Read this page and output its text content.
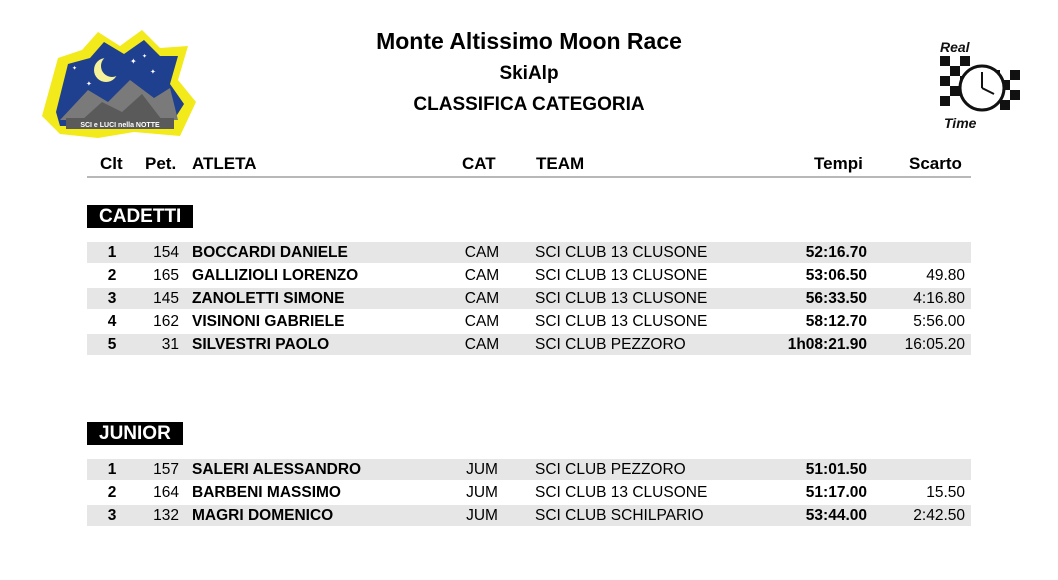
✦
✦
✦
✦
✦
SCI e LUCI nella NOTTE
Real
Time
Monte Altissimo Moon Race
SkiAlp
CLASSIFICA CATEGORIA
Clt Pet. ATLETA	CAT TEAM	Tempi	Scarto
CADETTI
1	154 BOCCARDI DANIELE	CAM	SCI CLUB 13 CLUSONE	52:16.70
2	165 GALLIZIOLI LORENZO	CAM	SCI CLUB 13 CLUSONE	53:06.50	49.80
3	145 ZANOLETTI SIMONE	CAM	SCI CLUB 13 CLUSONE	56:33.50	4:16.80
4	162 VISINONI GABRIELE	CAM	SCI CLUB 13 CLUSONE	58:12.70	5:56.00
5	31 SILVESTRI PAOLO	CAM	SCI CLUB PEZZORO	1h08:21.90	16:05.20
JUNIOR
1	157 SALERI ALESSANDRO	JUM	SCI CLUB PEZZORO	51:01.50
2	164 BARBENI MASSIMO	JUM	SCI CLUB 13 CLUSONE	51:17.00	15.50
3	132 MAGRI DOMENICO	JUM	SCI CLUB SCHILPARIO	53:44.00	2:42.50
